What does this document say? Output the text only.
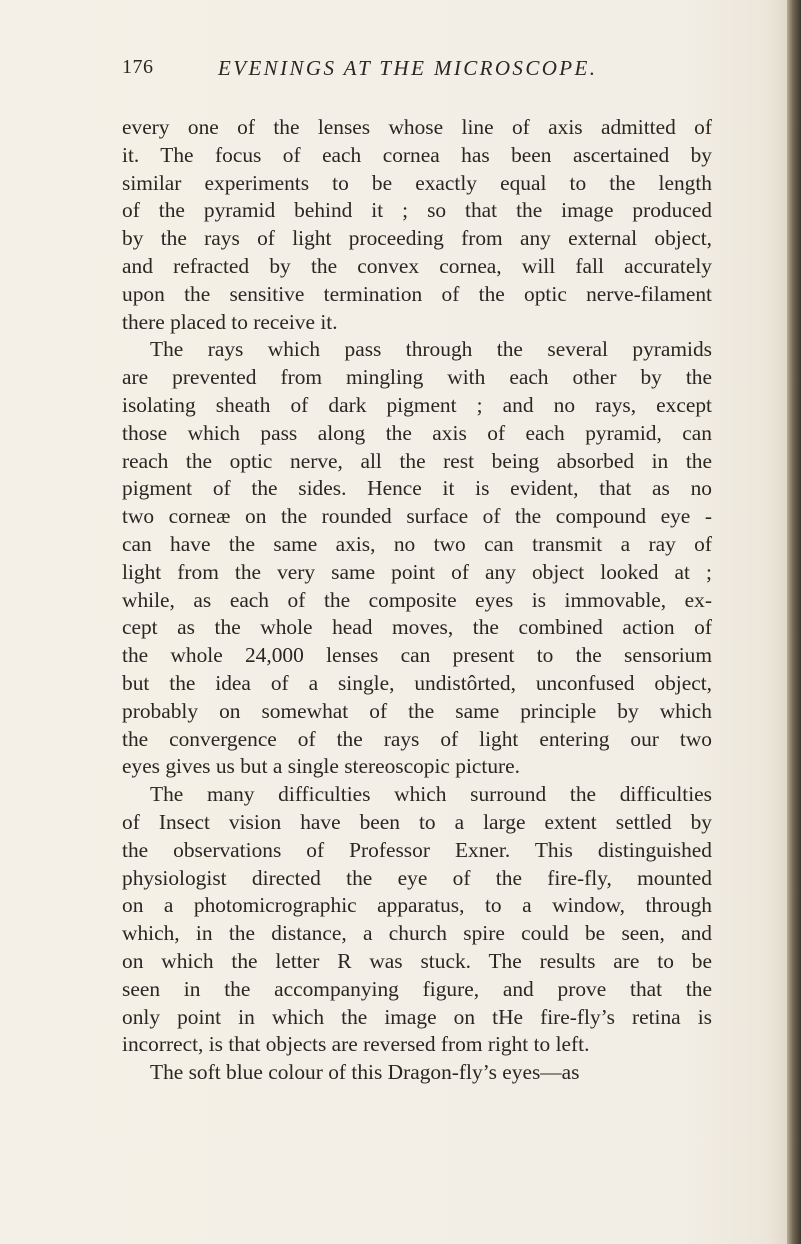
176	EVENINGS AT THE MICROSCOPE.
every one of the lenses whose line of axis admitted of
it. The focus of each cornea has been ascertained by
similar experiments to be exactly equal to the length
of the pyramid behind it ; so that the image produced
by the rays of light proceeding from any external object,
and refracted by the convex cornea, will fall accurately
upon the sensitive termination of the optic nerve-filament
there placed to receive it.
The rays which pass through the several pyramids
are prevented from mingling with each other by the
isolating sheath of dark pigment ; and no rays, except
those which pass along the axis of each pyramid, can
reach the optic nerve, all the rest being absorbed in the
pigment of the sides. Hence it is evident, that as no
two corneæ on the rounded surface of the compound eye -
can have the same axis, no two can transmit a ray of
light from the very same point of any object looked at ;
while, as each of the composite eyes is immovable, ex-
cept as the whole head moves, the combined action of
the whole 24,000 lenses can present to the sensorium
but the idea of a single, undistôrted, unconfused object,
probably on somewhat of the same principle by which
the convergence of the rays of light entering our two
eyes gives us but a single stereoscopic picture.
The many difficulties which surround the difficulties
of Insect vision have been to a large extent settled by
the observations of Professor Exner. This distinguished
physiologist directed the eye of the fire-fly, mounted
on a photomicrographic apparatus, to a window, through
which, in the distance, a church spire could be seen, and
on which the letter R was stuck. The results are to be
seen in the accompanying figure, and prove that the
only point in which the image on tHe fire-fly’s retina is
incorrect, is that objects are reversed from right to left.
The soft blue colour of this Dragon-fly’s eyes—as
